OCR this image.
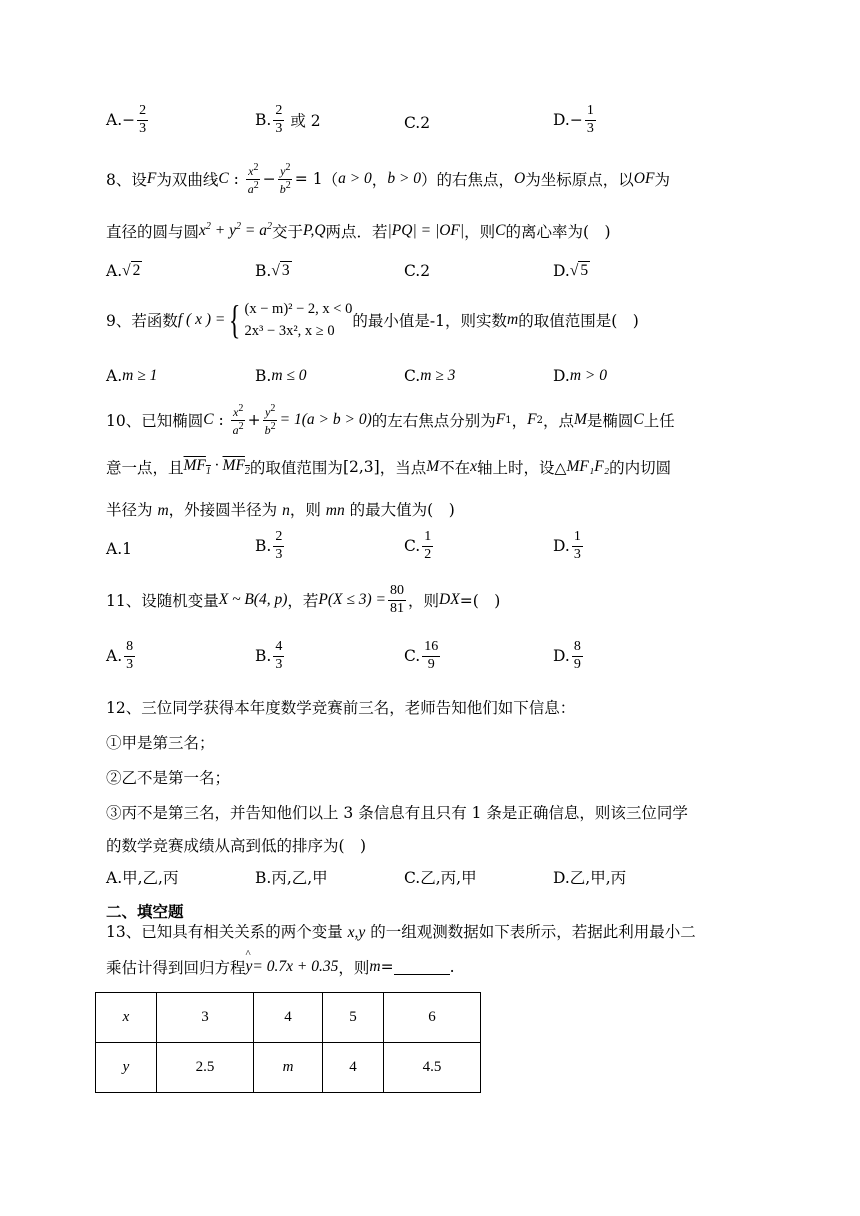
A. − $\frac{2}{3}$	B. $\frac{2}{3}$ 或 2	C.2	D. − $\frac{1}{3}$
8、设 F 为双曲线 C : $\frac{x^2}{a^2} - \frac{y^2}{b^2} = 1$ （ a > 0 ， b > 0 ）的右焦点， O 为坐标原点，以 OF 为
直径的圆与圆 $x^2 + y^2 = a^2$ 交于 P,Q 两点．若 |PQ| = |OF| ，则 C 的离心率为(　)
A. √ 2	B. √ 3	C.2	D. √ 5
9、若函数 f ( x ) = { (x − m)² − 2, x < 0
2x³ − 3x², x ≥ 0
的最小值是-1，则实数 m 的取值范围是(　)
A. m ≥ 1	B. m ≤ 0	C. m ≥ 3	D. m > 0
10、已知椭圆 C : $\frac{x^2}{a^2} + \frac{y^2}{b^2} = 1(a > b > 0)$ 的左右焦点分别为 F 1 ， F 2 ，点 M 是椭圆 C 上任
意一点，且 $MF_1 \cdot MF_2$ 的取值范围为 [2,3] ，当点 M 不在 x 轴上时，设△ MF₁F₂ 的内切圆
半径为 m，外接圆半径为 n，则 mn 的最大值为(　)
A.1	B. $\frac{2}{3}$	C. $\frac{1}{2}$	D. $\frac{1}{3}$
11、设随机变量 X ~ B(4, p) ，若 $P(X \le 3) = \frac{80}{81}$ ，则 DX =(　)
A. $\frac{8}{3}$	B. $\frac{4}{3}$	C. $\frac{16}{9}$	D. $\frac{8}{9}$
12、三位同学获得本年度数学竞赛前三名，老师告知他们如下信息：
①甲是第三名；
②乙不是第一名；
③丙不是第三名，并告知他们以上 3 条信息有且只有 1 条是正确信息，则该三位同学
的数学竞赛成绩从高到低的排序为(　)
A.甲,乙,丙	B.丙,乙,甲	C.乙,丙,甲	D.乙,甲,丙
二、填空题
13、已知具有相关关系的两个变量 x,y 的一组观测数据如下表所示，若据此利用最小二
乘估计得到回归方程 ^ y = 0.7x + 0.35 ，则 m =	.
x	3	4	5	6
y	2.5	m	4	4.5
